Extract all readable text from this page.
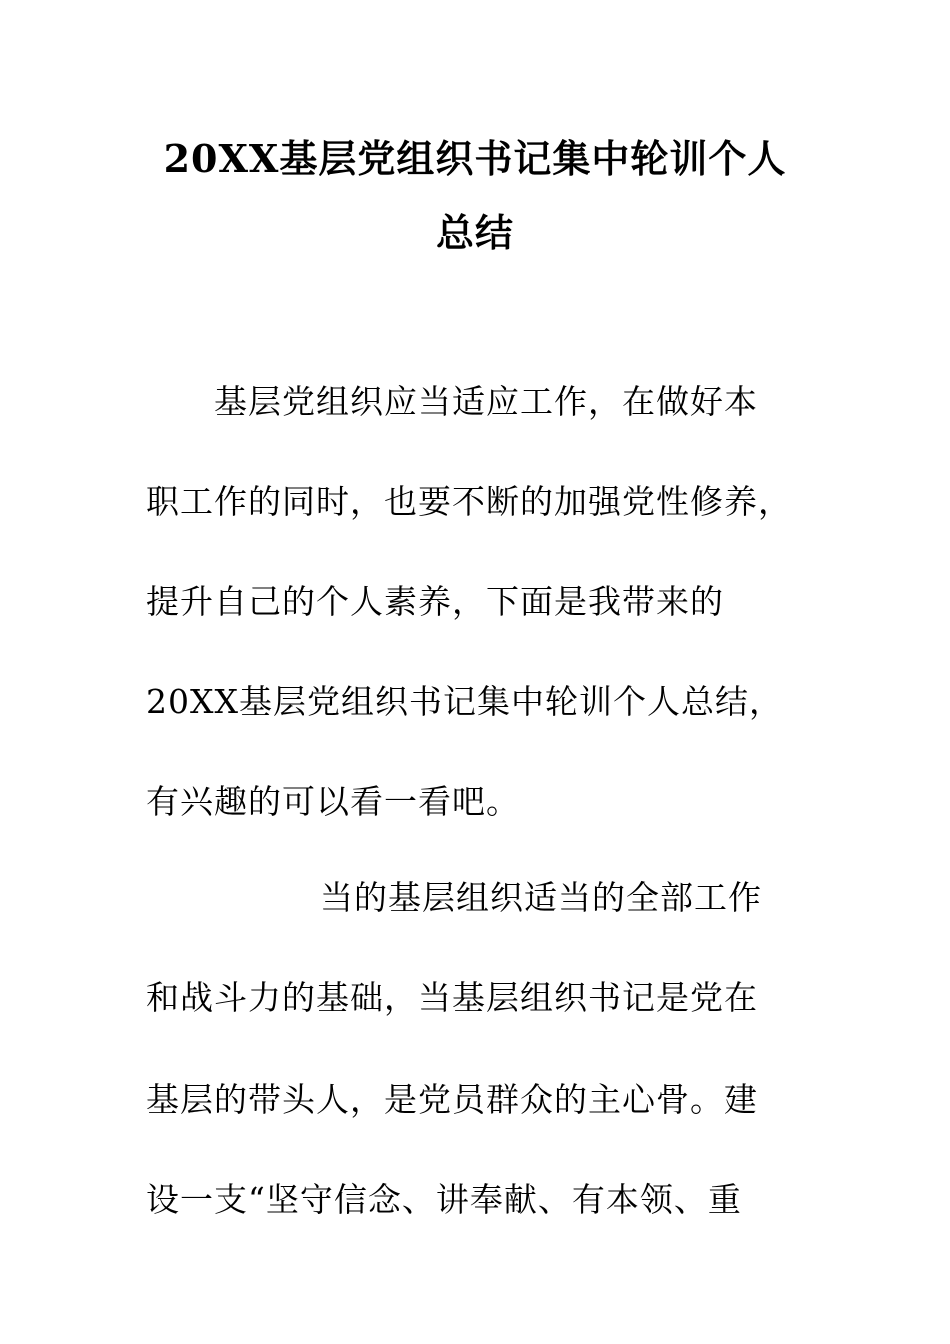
20XX基层党组织书记集中轮训个人
总结
基层党组织应当适应工作，在做好本
职工作的同时，也要不断的加强党性修养，
提升自己的个人素养，下面是我带来的
20XX基层党组织书记集中轮训个人总结，
有兴趣的可以看一看吧。
当的基层组织适当的全部工作
和战斗力的基础，当基层组织书记是党在
基层的带头人，是党员群众的主心骨。建
设一支“坚守信念、讲奉献、有本领、重
